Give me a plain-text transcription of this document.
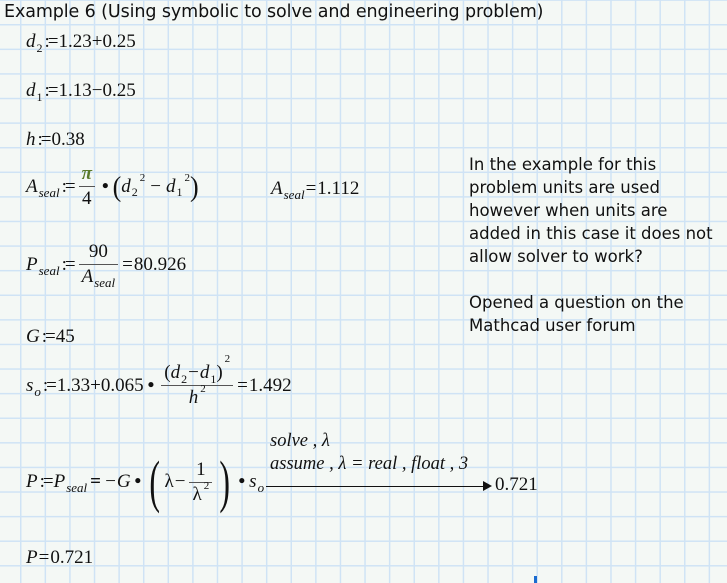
Example 6 (Using symbolic to solve and engineering problem)
d 2 := 1.23+0.25
d 1 := 1.13−0.25
h := 0.38
A seal := $\frac{\pi}{4}$ • ( d 2
2 − d 1
2 )	A seal = 1.112
P seal := $\frac{90}{\text{A seal}} = 80.926$
G := 45
s o := 1.33+0.065 • ( d 2 − d 1 )
2
h 2 = 1.492
P := P seal = −G • ( $\lambda - \frac{1}{\lambda 2}$ ) • s o
solve , λ
assume , λ = real , float , 3
0.721
P = 0.721

In the example for this problem units are used however when units are added in this case it does not allow solver to work?

Opened a question on the Mathcad user forum
